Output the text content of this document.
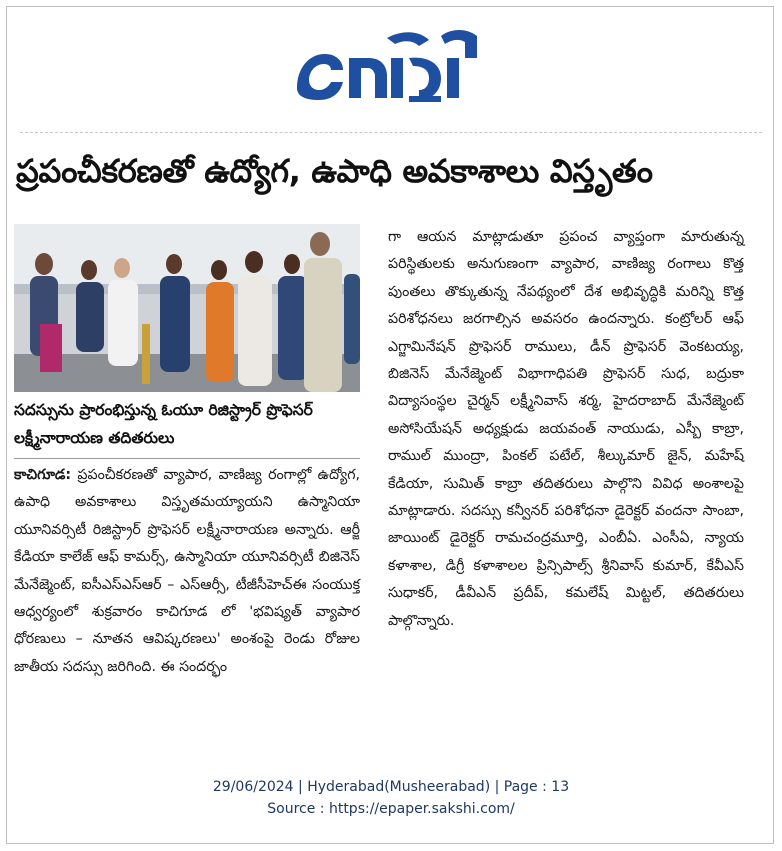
ప్రపంచీకరణతో ఉద్యోగ, ఉపాధి అవకాశాలు విస్తృతం
సదస్సును ప్రారంభిస్తున్న ఓయూ రిజిస్ట్రార్ ప్రొఫెసర్ లక్ష్మీనారాయణ తదితరులు

కాచిగూడ: ప్రపంచీకరణతో వ్యాపార, వాణిజ్య రంగాల్లో ఉద్యోగ, ఉపాధి అవకాశాలు విస్తృతమయ్యాయని ఉస్మానియా యూనివర్సిటీ రిజిస్ట్రార్ ప్రొఫెసర్ లక్ష్మీనారాయణ అన్నారు. ఆర్జీ కేడియా కాలేజ్ ఆఫ్ కామర్స్, ఉస్మానియా యూనివర్సిటీ బిజినెస్ మేనేజ్మెంట్, ఐసీఎస్ఎస్ఆర్ – ఎస్ఆర్సీ, టీజీసీహెచ్ఈ సంయుక్త ఆధ్వర్యంలో శుక్రవారం కాచిగూడ లో 'భవిష్యత్ వ్యాపార ధోరణులు – నూతన ఆవిష్కరణలు' అంశంపై రెండు రోజుల జాతీయ సదస్సు జరిగింది. ఈ సందర్భం

గా ఆయన మాట్లాడుతూ ప్రపంచ వ్యాప్తంగా మారుతున్న పరిస్థితులకు అనుగుణంగా వ్యాపార, వాణిజ్య రంగాలు కొత్త పుంతలు తొక్కుతున్న నేపథ్యంలో దేశ అభివృద్ధికి మరిన్ని కొత్త పరిశోధనలు జరగాల్సిన అవసరం ఉందన్నారు. కంట్రోలర్ ఆఫ్ ఎగ్జామినేషన్ ప్రొఫెసర్ రాములు, డీన్ ప్రొఫెసర్ వెంకటయ్య, బిజినెస్ మేనేజ్మెంట్ విభాగాధిపతి ప్రొఫెసర్ సుధ, బద్రుకా విద్యాసంస్థల చైర్మన్ లక్ష్మీనివాస్ శర్మ, హైదరాబాద్ మేనేజ్మెంట్ అసోసియేషన్ అధ్యక్షుడు జయవంత్ నాయుడు, ఎస్బీ కాబ్రా, రాముల్ ముంద్రా, పింకల్ పటేల్, శీల్కుమార్ జైన్, మహేష్ కేడియా, సుమిత్ కాబ్రా తదితరులు పాల్గొని వివిధ అంశాలపై మాట్లాడారు. సదస్సు కన్వీనర్ పరిశోధనా డైరెక్టర్ వందనా సాంబా, జాయింట్ డైరెక్టర్ రామచంద్రమూర్తి, ఎంబీఏ. ఎంసీఏ, న్యాయ కళాశాల, డిగ్రీ కళాశాలల ప్రిన్సిపాల్స్ శ్రీనివాస్ కుమార్, కేవీఎస్ సుధాకర్, డీవీఎన్ ప్రదీప్, కమలేష్ మిట్టల్, తదితరులు పాల్గొన్నారు.

29/06/2024 | Hyderabad(Musheerabad) | Page : 13
Source : https://epaper.sakshi.com/
